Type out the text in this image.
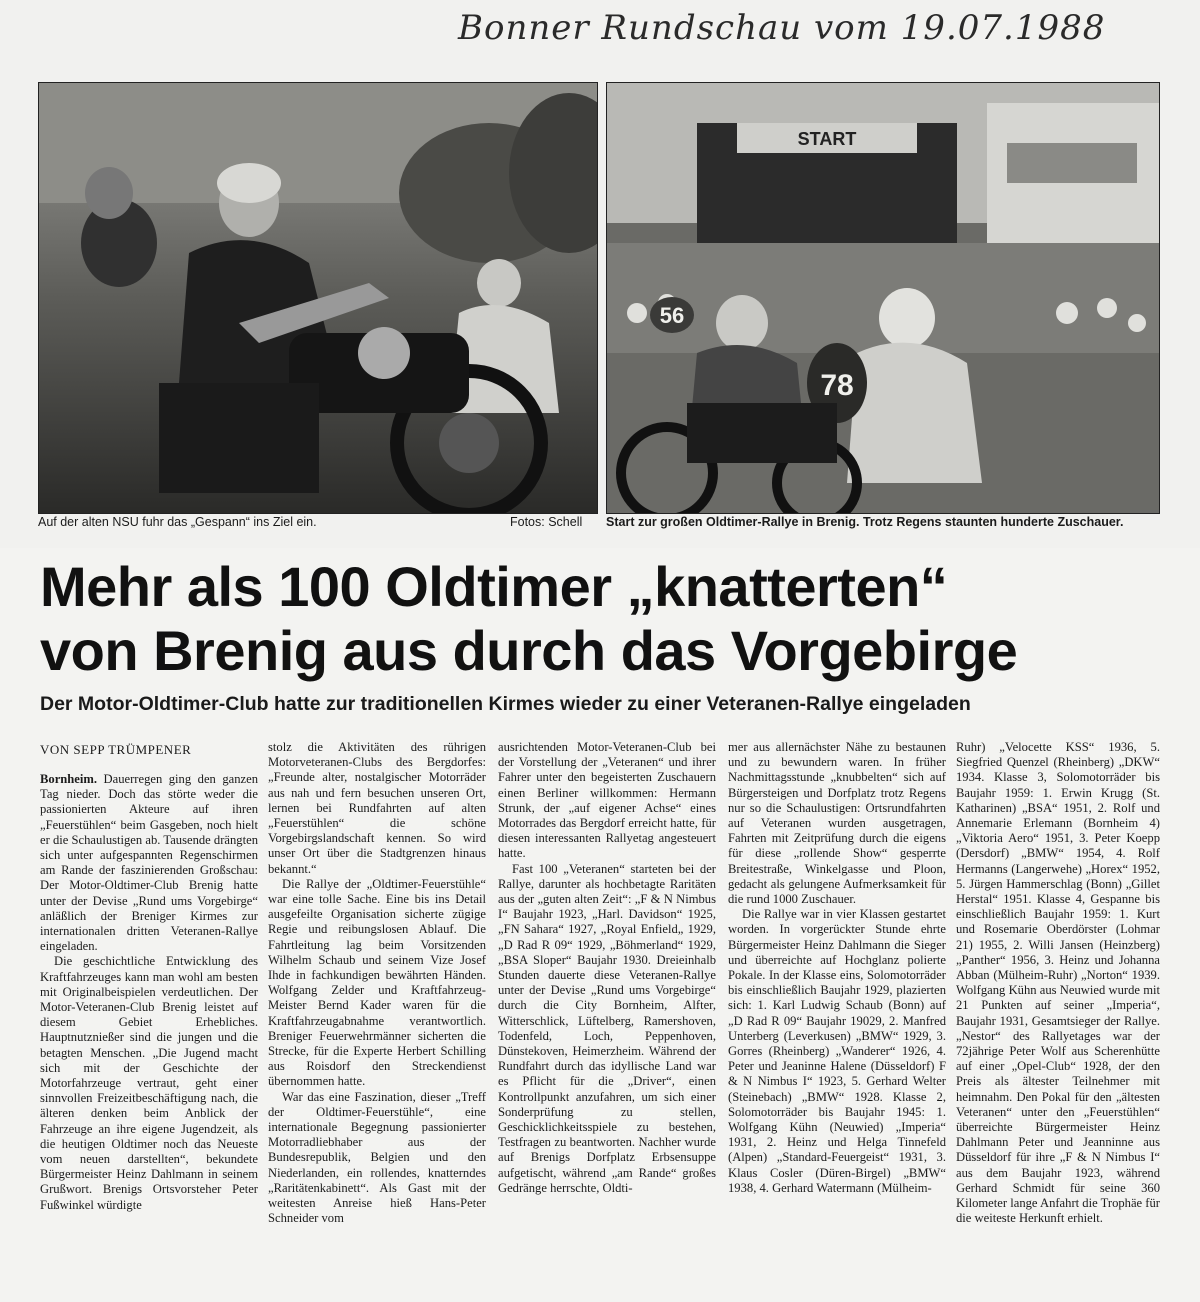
Bonner Rundschau vom 19.07.1988
START
56
78
Auf der alten NSU fuhr das „Gespann“ ins Ziel ein.	Fotos: Schell Start zur großen Oldtimer-Rallye in Brenig. Trotz Regens staunten hunderte Zuschauer.
Mehr als 100 Oldtimer „knatterten“
von Brenig aus durch das Vorgebirge
Der Motor-Oldtimer-Club hatte zur traditionellen Kirmes wieder zu einer Veteranen-Rallye eingeladen
VON SEPP TRÜMPENER

Bornheim. Dauerregen ging den ganzen Tag nieder. Doch das störte weder die passionierten Akteure auf ihren „Feuerstühlen“ beim Gasgeben, noch hielt er die Schaulustigen ab. Tausende drängten sich unter aufgespannten Regenschirmen am Rande der faszinierenden Großschau: Der Motor-Oldtimer-Club Brenig hatte unter der Devise „Rund ums Vorgebirge“ anläßlich der Breniger Kirmes zur internationalen dritten Veteranen-Rallye eingeladen.

Die geschichtliche Entwicklung des Kraftfahrzeuges kann man wohl am besten mit Originalbeispielen verdeutlichen. Der Motor-Veteranen-Club Brenig leistet auf diesem Gebiet Erhebliches. Hauptnutznießer sind die jungen und die betagten Menschen. „Die Jugend macht sich mit der Geschichte der Motorfahrzeuge vertraut, geht einer sinnvollen Freizeitbeschäftigung nach, die älteren denken beim Anblick der Fahrzeuge an ihre eigene Jugendzeit, als die heutigen Oldtimer noch das Neueste vom neuen darstellten“, bekundete Bürgermeister Heinz Dahlmann in seinem Grußwort. Brenigs Ortsvorsteher Peter Fußwinkel würdigte

stolz die Aktivitäten des rührigen Motorveteranen-Clubs des Bergdorfes: „Freunde alter, nostalgischer Motorräder aus nah und fern besuchen unseren Ort, lernen bei Rundfahrten auf alten „Feuerstühlen“ die schöne Vorgebirgslandschaft kennen. So wird unser Ort über die Stadtgrenzen hinaus bekannt.“

Die Rallye der „Oldtimer-Feuerstühle“ war eine tolle Sache. Eine bis ins Detail ausgefeilte Organisation sicherte zügige Regie und reibungslosen Ablauf. Die Fahrtleitung lag beim Vorsitzenden Wilhelm Schaub und seinem Vize Josef Ihde in fachkundigen bewährten Händen. Wolfgang Zelder und Kraftfahrzeug-Meister Bernd Kader waren für die Kraftfahrzeugabnahme verantwortlich. Breniger Feuerwehrmänner sicherten die Strecke, für die Experte Herbert Schilling aus Roisdorf den Streckendienst übernommen hatte.

War das eine Faszination, dieser „Treff der Oldtimer-Feuerstühle“, eine internationale Begegnung passionierter Motorradliebhaber aus der Bundesrepublik, Belgien und den Niederlanden, ein rollendes, knatterndes „Raritätenkabinett“. Als Gast mit der weitesten Anreise hieß Hans-Peter Schneider vom

ausrichtenden Motor-Veteranen-Club bei der Vorstellung der „Veteranen“ und ihrer Fahrer unter den begeisterten Zuschauern einen Berliner willkommen: Hermann Strunk, der „auf eigener Achse“ eines Motorrades das Bergdorf erreicht hatte, für diesen interessanten Rallyetag angesteuert hatte.

Fast 100 „Veteranen“ starteten bei der Rallye, darunter als hochbetagte Raritäten aus der „guten alten Zeit“: „F & N Nimbus I“ Baujahr 1923, „Harl. Davidson“ 1925, „FN Sahara“ 1927, „Royal Enfield„ 1929, „D Rad R 09“ 1929, „Böhmerland“ 1929, „BSA Sloper“ Baujahr 1930. Dreieinhalb Stunden dauerte diese Veteranen-Rallye unter der Devise „Rund ums Vorgebirge“ durch die City Bornheim, Alfter, Witterschlick, Lüftelberg, Ramershoven, Todenfeld, Loch, Peppenhoven, Dünstekoven, Heimerzheim. Während der Rundfahrt durch das idyllische Land war es Pflicht für die „Driver“, einen Kontrollpunkt anzufahren, um sich einer Sonderprüfung zu stellen, Geschicklichkeitsspiele zu bestehen, Testfragen zu beantworten. Nachher wurde auf Brenigs Dorfplatz Erbsensuppe aufgetischt, während „am Rande“ großes Gedränge herrschte, Oldti-

mer aus allernächster Nähe zu bestaunen und zu bewundern waren. In früher Nachmittagsstunde „knubbelten“ sich auf Bürgersteigen und Dorfplatz trotz Regens nur so die Schaulustigen: Ortsrundfahrten auf Veteranen wurden ausgetragen, Fahrten mit Zeitprüfung durch die eigens für diese „rollende Show“ gesperrte Breitestraße, Winkelgasse und Ploon, gedacht als gelungene Aufmerksamkeit für die rund 1000 Zuschauer.

Die Rallye war in vier Klassen gestartet worden. In vorgerückter Stunde ehrte Bürgermeister Heinz Dahlmann die Sieger und überreichte auf Hochglanz polierte Pokale. In der Klasse eins, Solomotorräder bis einschließlich Baujahr 1929, plazierten sich: 1. Karl Ludwig Schaub (Bonn) auf „D Rad R 09“ Baujahr 19029, 2. Manfred Unterberg (Leverkusen) „BMW“ 1929, 3. Gorres (Rheinberg) „Wanderer“ 1926, 4. Peter und Jeaninne Halene (Düsseldorf) F & N Nimbus I“ 1923, 5. Gerhard Welter (Steinebach) „BMW“ 1928. Klasse 2, Solomotorräder bis Baujahr 1945: 1. Wolfgang Kühn (Neuwied) „Imperia“ 1931, 2. Heinz und Helga Tinnefeld (Alpen) „Standard-Feuergeist“ 1931, 3. Klaus Cosler (Düren-Birgel) „BMW“ 1938, 4. Gerhard Watermann (Mülheim-

Ruhr) „Velocette KSS“ 1936, 5. Siegfried Quenzel (Rheinberg) „DKW“ 1934. Klasse 3, Solomotorräder bis Baujahr 1959: 1. Erwin Krugg (St. Katharinen) „BSA“ 1951, 2. Rolf und Annemarie Erlemann (Bornheim 4) „Viktoria Aero“ 1951, 3. Peter Koepp (Dersdorf) „BMW“ 1954, 4. Rolf Hermanns (Langerwehe) „Horex“ 1952, 5. Jürgen Hammerschlag (Bonn) „Gillet Herstal“ 1951. Klasse 4, Gespanne bis einschließlich Baujahr 1959: 1. Kurt und Rosemarie Oberdörster (Lohmar 21) 1955, 2. Willi Jansen (Heinzberg) „Panther“ 1956, 3. Heinz und Johanna Abban (Mülheim-Ruhr) „Norton“ 1939. Wolfgang Kühn aus Neuwied wurde mit 21 Punkten auf seiner „Imperia“, Baujahr 1931, Gesamtsieger der Rallye. „Nestor“ des Rallyetages war der 72jährige Peter Wolf aus Scherenhütte auf einer „Opel-Club“ 1928, der den Preis als ältester Teilnehmer mit heimnahm. Den Pokal für den „ältesten Veteranen“ unter den „Feuerstühlen“ überreichte Bürgermeister Heinz Dahlmann Peter und Jeanninne aus Düsseldorf für ihre „F & N Nimbus I“ aus dem Baujahr 1923, während Gerhard Schmidt für seine 360 Kilometer lange Anfahrt die Trophäe für die weiteste Herkunft erhielt.
